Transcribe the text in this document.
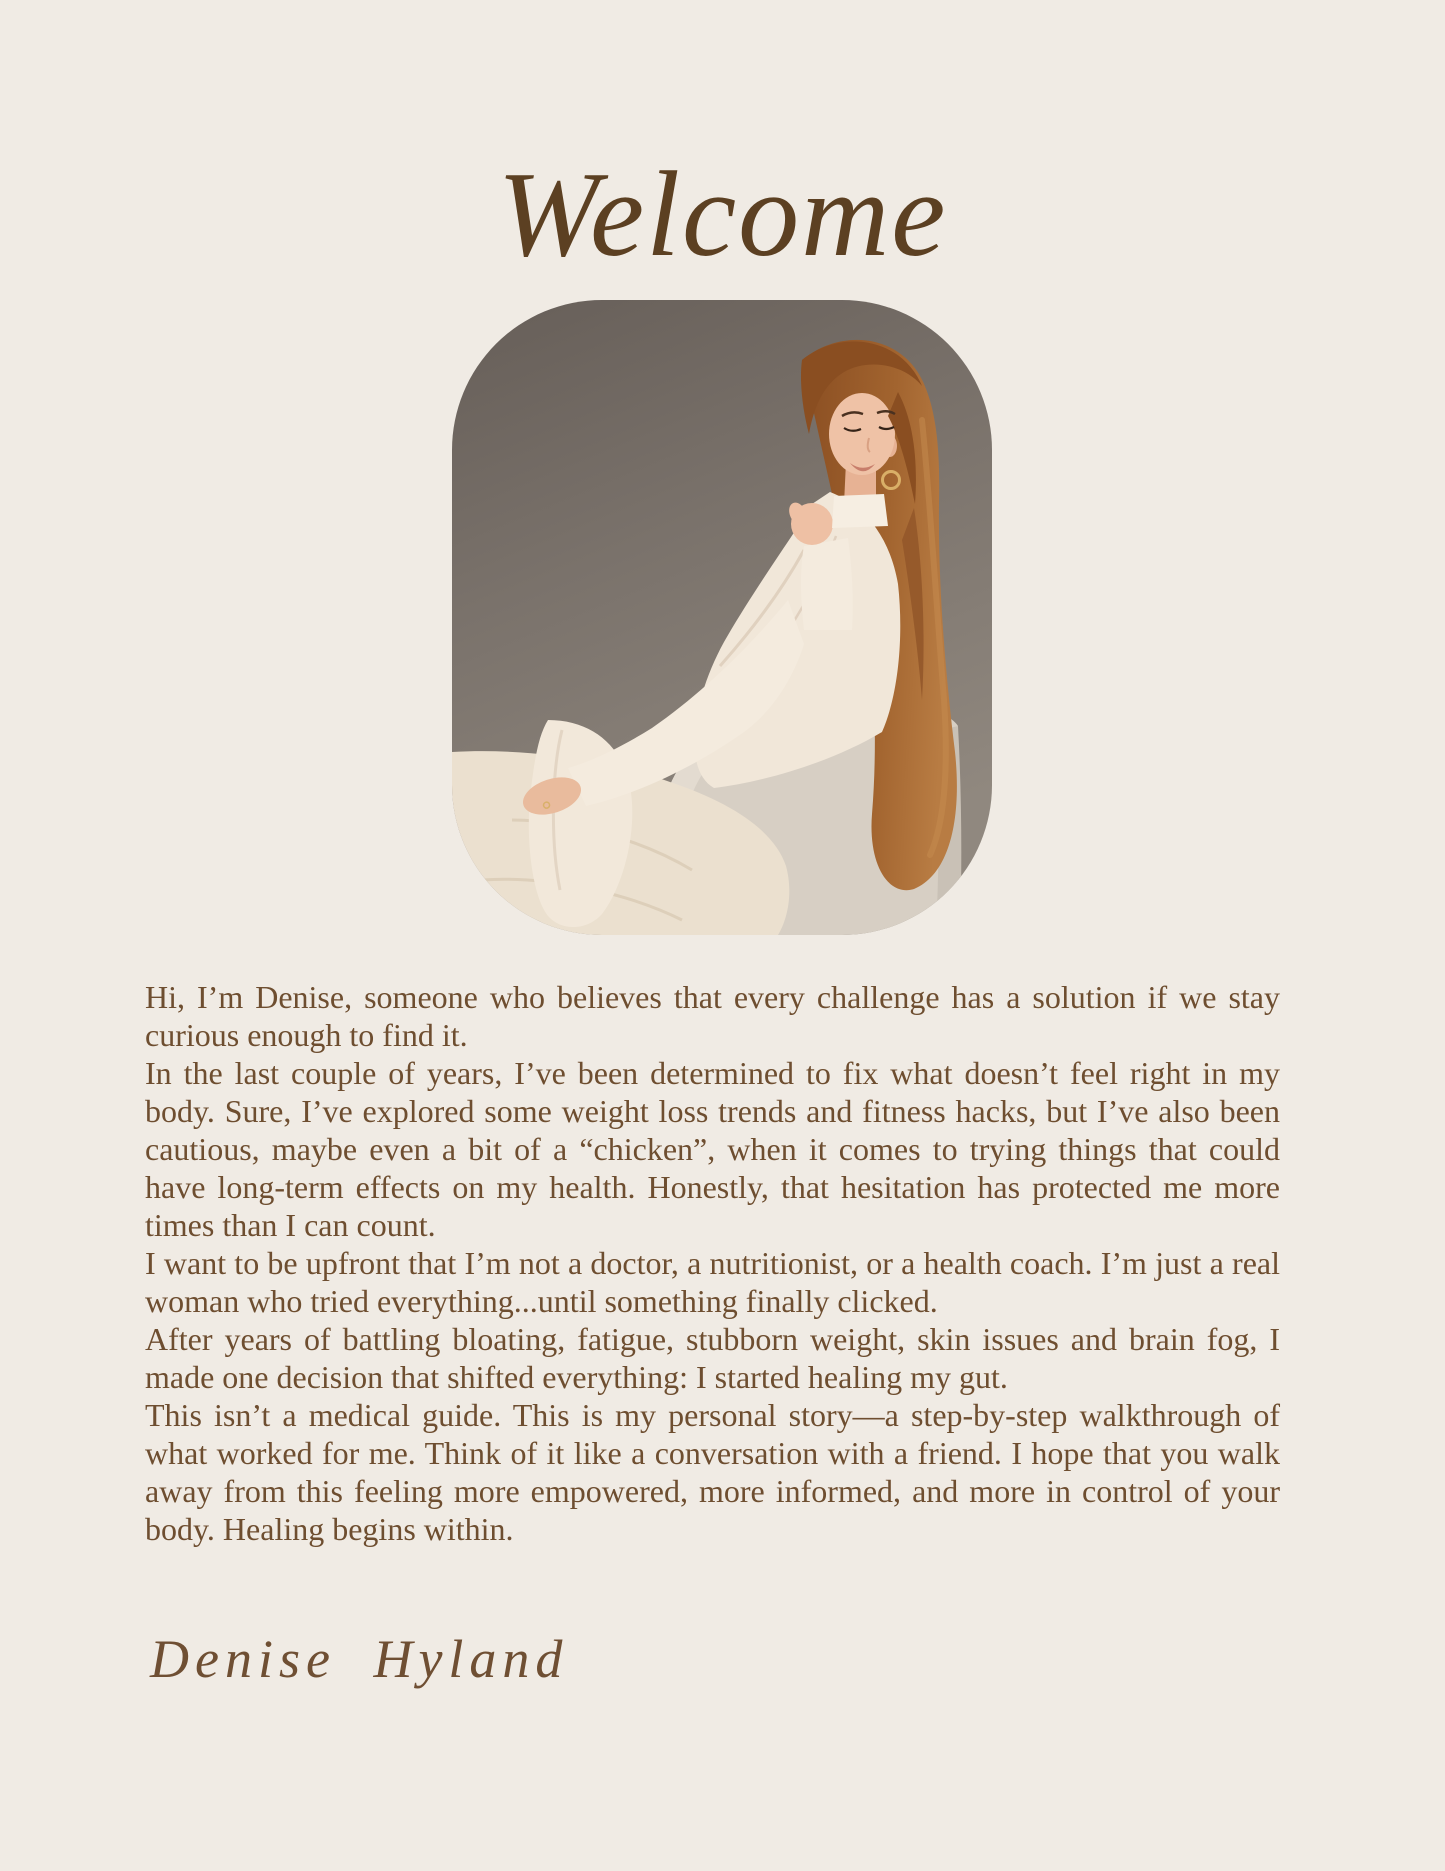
Welcome

Hi, I’m Denise, someone who believes that every challenge has a solution if we stay curious enough to find it.

In the last couple of years, I’ve been determined to fix what doesn’t feel right in my body. Sure, I’ve explored some weight loss trends and fitness hacks, but I’ve also been cautious, maybe even a bit of a “chicken”, when it comes to trying things that could have long-term effects on my health. Honestly, that hesitation has protected me more times than I can count.

I want to be upfront that I’m not a doctor, a nutritionist, or a health coach. I’m just a real woman who tried everything...until something finally clicked.

After years of battling bloating, fatigue, stubborn weight, skin issues and brain fog, I made one decision that shifted everything: I started healing my gut.

This isn’t a medical guide. This is my personal story—a step-by-step walkthrough of what worked for me. Think of it like a conversation with a friend. I hope that you walk away from this feeling more empowered, more informed, and more in control of your body. Healing begins within.

Denise Hyland
